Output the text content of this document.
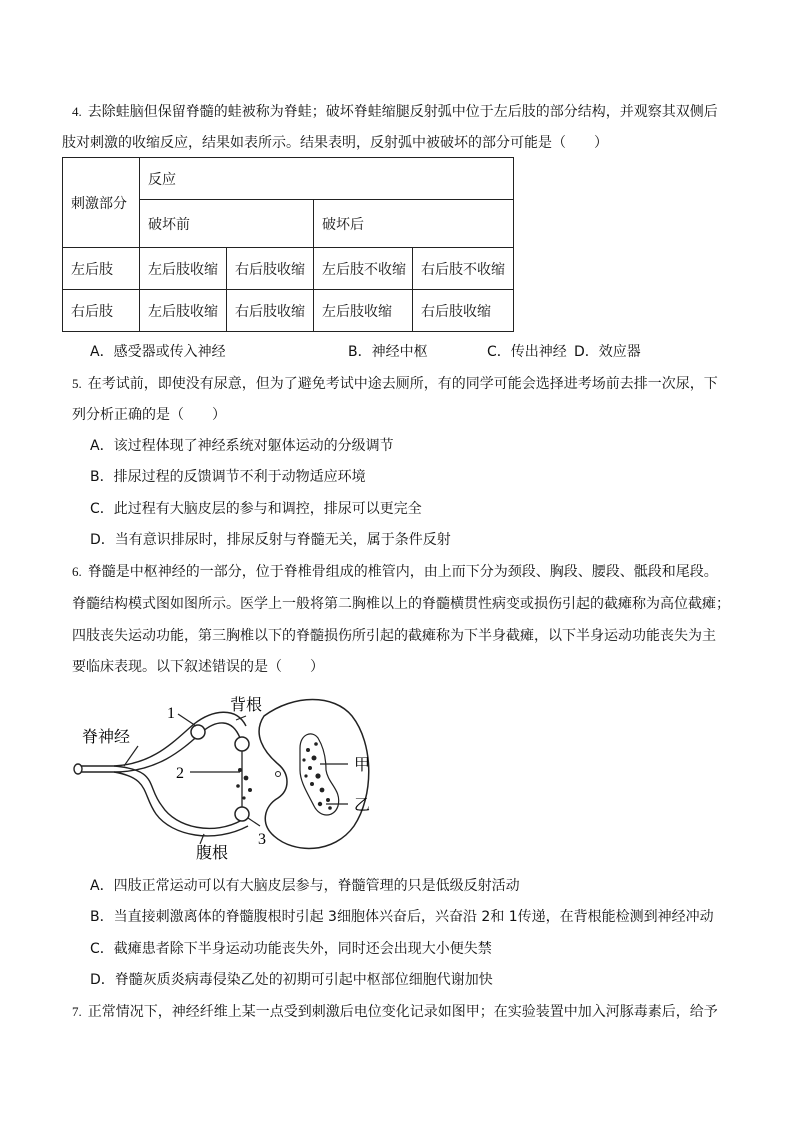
4. 去除蛙脑但保留脊髓的蛙被称为脊蛙；破坏脊蛙缩腿反射弧中位于左后肢的部分结构，并观察其双侧后
肢对刺激的收缩反应，结果如表所示。结果表明，反射弧中被破坏的部分可能是（　　）
刺激部分	反应			
	破坏前		破坏后	
左后肢	左后肢收缩	右后肢收缩	左后肢不收缩	右后肢不收缩
右后肢	左后肢收缩	右后肢收缩	左后肢收缩	右后肢收缩
A．感受器或传入神经	B．神经中枢	C．传出神经 D．效应器
5. 在考试前，即使没有尿意，但为了避免考试中途去厕所，有的同学可能会选择进考场前去排一次尿，下
列分析正确的是（　　）
A．该过程体现了神经系统对躯体运动的分级调节
B．排尿过程的反馈调节不利于动物适应环境
C．此过程有大脑皮层的参与和调控，排尿可以更完全
D．当有意识排尿时，排尿反射与脊髓无关，属于条件反射
6. 脊髓是中枢神经的一部分，位于脊椎骨组成的椎管内，由上而下分为颈段、胸段、腰段、骶段和尾段。
脊髓结构模式图如图所示。医学上一般将第二胸椎以上的脊髓横贯性病变或损伤引起的截瘫称为高位截瘫；
四肢丧失运动功能，第三胸椎以下的脊髓损伤所引起的截瘫称为下半身截瘫，以下半身运动功能丧失为主
要临床表现。以下叙述错误的是（　　）
脊神经
背根
腹根
1
2
3
甲
乙
A．四肢正常运动可以有大脑皮层参与，脊髓管理的只是低级反射活动
B．当直接刺激离体的脊髓腹根时引起 3细胞体兴奋后，兴奋沿 2和 1传递，在背根能检测到神经冲动
C．截瘫患者除下半身运动功能丧失外，同时还会出现大小便失禁
D．脊髓灰质炎病毒侵染乙处的初期可引起中枢部位细胞代谢加快
7. 正常情况下，神经纤维上某一点受到刺激后电位变化记录如图甲；在实验装置中加入河豚毒素后，给予
